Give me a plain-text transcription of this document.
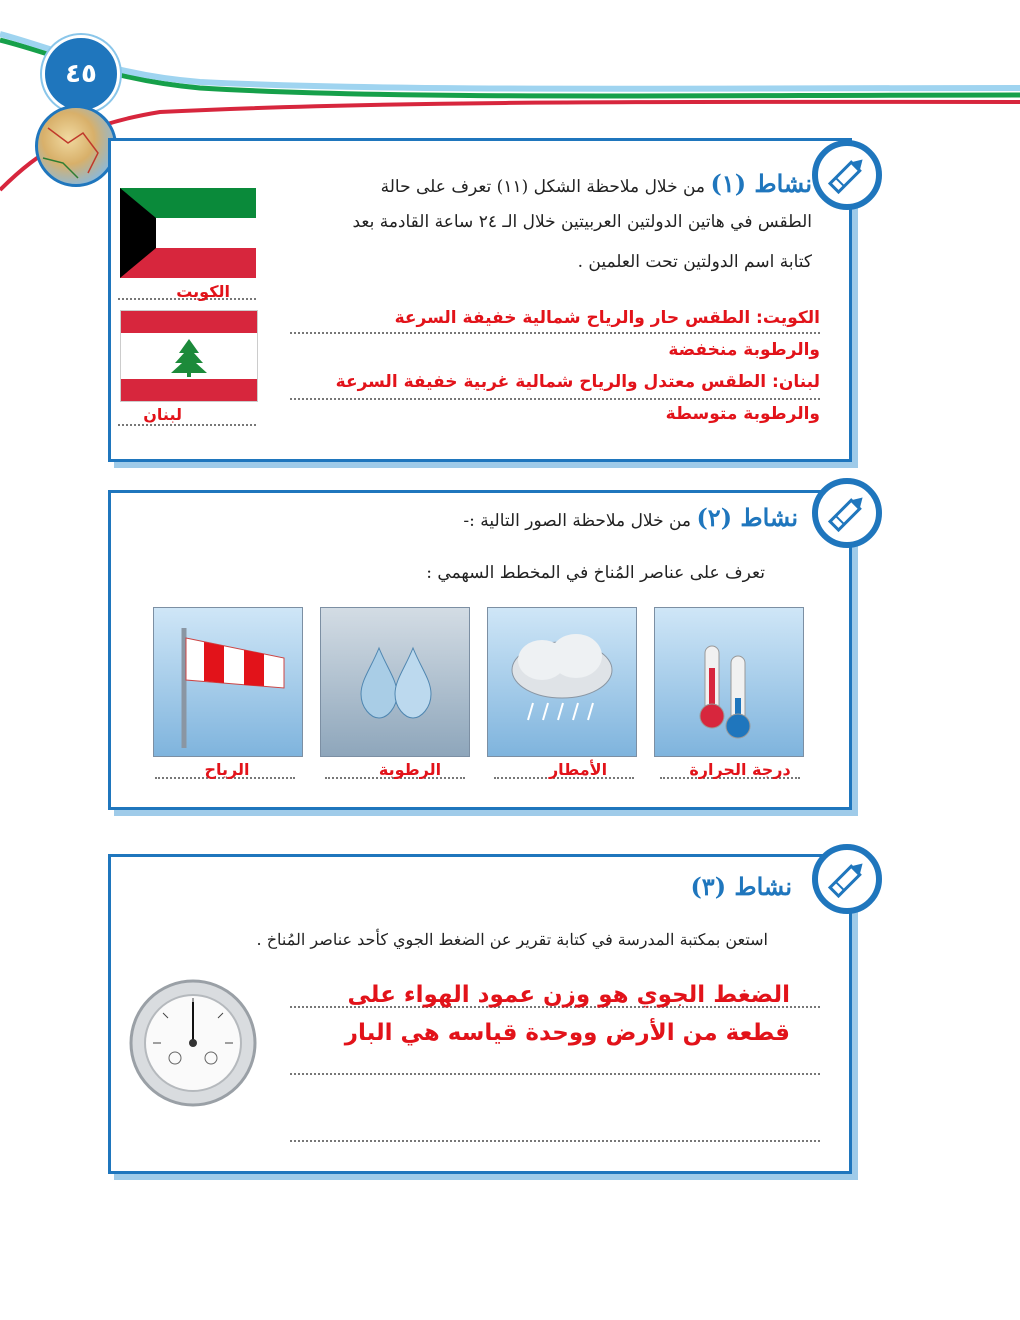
٤٥
نشاط (١) من خلال ملاحظة الشكل (١١) تعرف على حالة
الطقس في هاتين الدولتين العربيتين خلال الـ ٢٤ ساعة القادمة بعد
كتابة اسم الدولتين تحت العلمين .
الكويت
لبنان
الكويت: الطقس حار والرياح شمالية خفيفة السرعة
والرطوبة منخفضة
لبنان: الطقس معتدل والرياح شمالية غربية خفيفة السرعة
والرطوبة متوسطة
نشاط (٢) من خلال ملاحظة الصور التالية :-
تعرف على عناصر المُناخ في المخطط السهمي :
درجة الحرارة
الأمطار
الرطوبة
الرياح
نشاط (٣)
استعن بمكتبة المدرسة في كتابة تقرير عن الضغط الجوي كأحد عناصر المُناخ .
الضغط الجوي هو وزن عمود الهواء على
قطعة من الأرض ووحدة قياسه هي البار
